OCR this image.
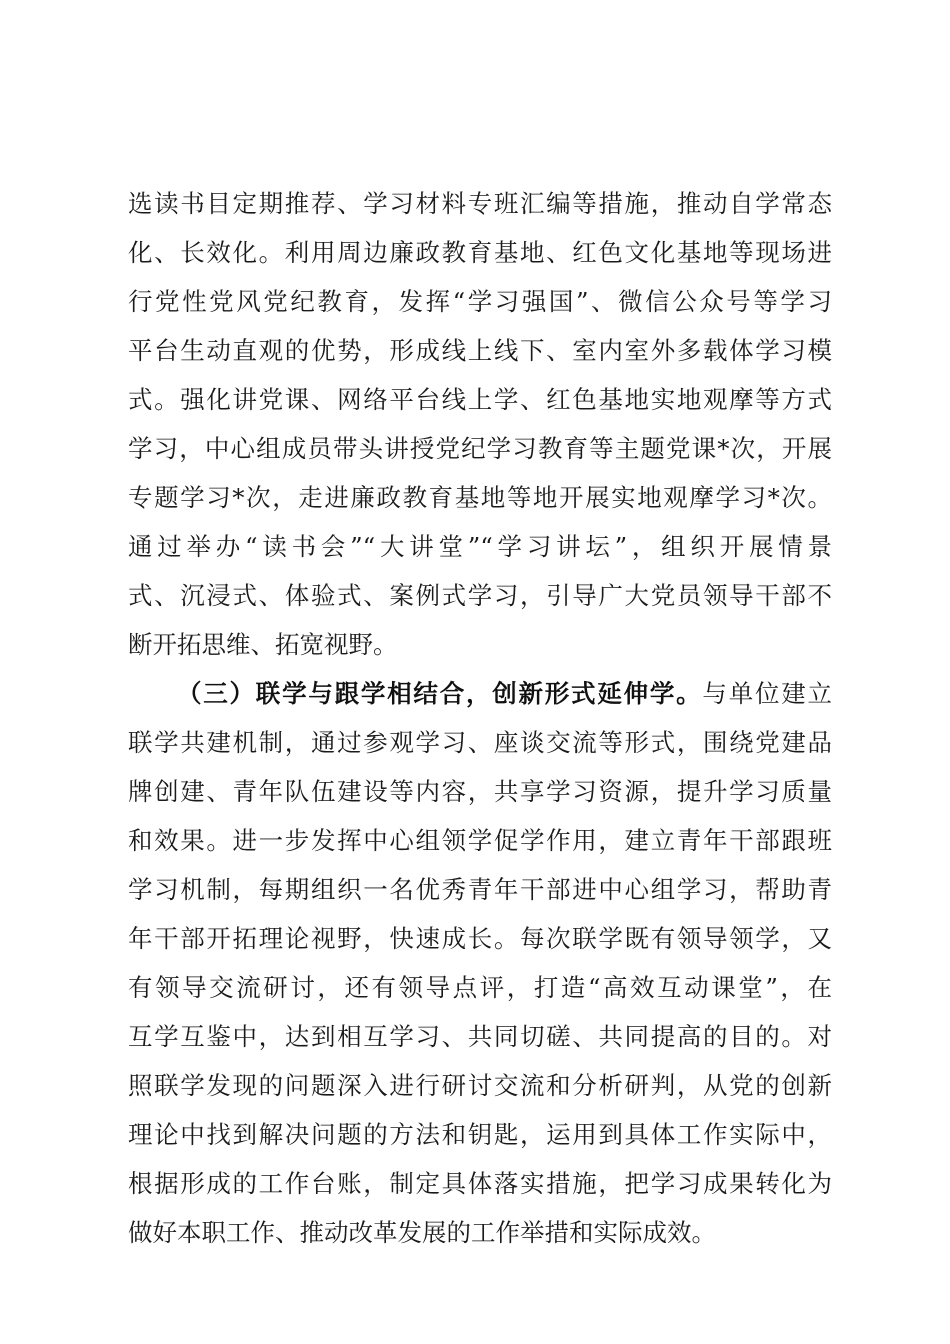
选读书目定期推荐、学习材料专班汇编等措施，推动自学常态
化、长效化。利用周边廉政教育基地、红色文化基地等现场进
行党性党风党纪教育，发挥“学习强国”、微信公众号等学习
平台生动直观的优势，形成线上线下、室内室外多载体学习模
式。强化讲党课、网络平台线上学、红色基地实地观摩等方式
学习，中心组成员带头讲授党纪学习教育等主题党课*次，开展
专题学习*次，走进廉政教育基地等地开展实地观摩学习*次。
通过举办“读书会”“大讲堂”“学习讲坛”，组织开展情景
式、沉浸式、体验式、案例式学习，引导广大党员领导干部不
断开拓思维、拓宽视野。
（三）联学与跟学相结合，创新形式延伸学。与单位建立
联学共建机制，通过参观学习、座谈交流等形式，围绕党建品
牌创建、青年队伍建设等内容，共享学习资源，提升学习质量
和效果。进一步发挥中心组领学促学作用，建立青年干部跟班
学习机制，每期组织一名优秀青年干部进中心组学习，帮助青
年干部开拓理论视野，快速成长。每次联学既有领导领学，又
有领导交流研讨，还有领导点评，打造“高效互动课堂”，在
互学互鉴中，达到相互学习、共同切磋、共同提高的目的。对
照联学发现的问题深入进行研讨交流和分析研判，从党的创新
理论中找到解决问题的方法和钥匙，运用到具体工作实际中，
根据形成的工作台账，制定具体落实措施，把学习成果转化为
做好本职工作、推动改革发展的工作举措和实际成效。
